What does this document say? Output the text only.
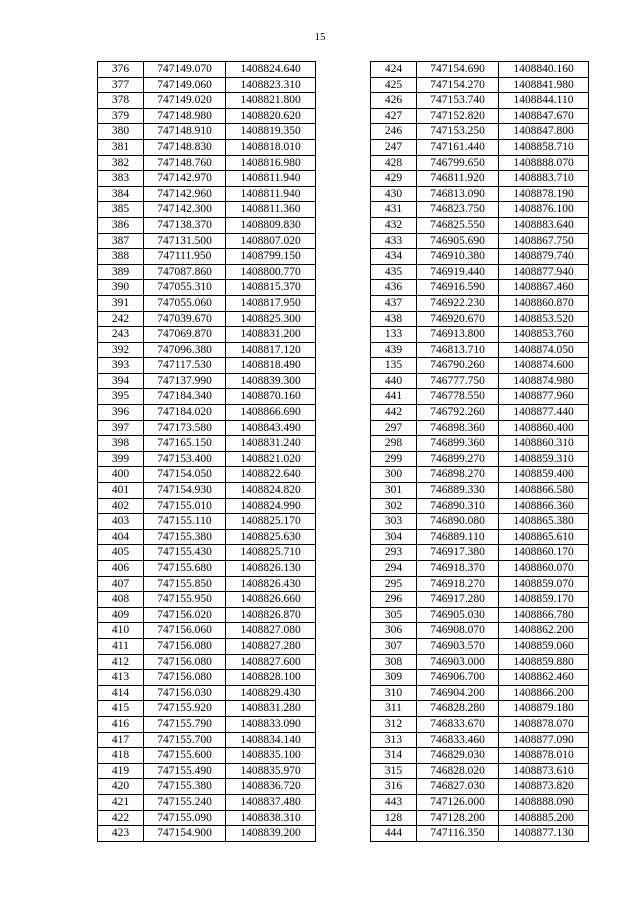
15
376	747149.070	1408824.640
377	747149.060	1408823.310
378	747149.020	1408821.800
379	747148.980	1408820.620
380	747148.910	1408819.350
381	747148.830	1408818.010
382	747148.760	1408816.980
383	747142.970	1408811.940
384	747142.960	1408811.940
385	747142.300	1408811.360
386	747138.370	1408809.830
387	747131.500	1408807.020
388	747111.950	1408799.150
389	747087.860	1408800.770
390	747055.310	1408815.370
391	747055.060	1408817.950
242	747039.670	1408825.300
243	747069.870	1408831.200
392	747096.380	1408817.120
393	747117.530	1408818.490
394	747137.990	1408839.300
395	747184.340	1408870.160
396	747184.020	1408866.690
397	747173.580	1408843.490
398	747165.150	1408831.240
399	747153.400	1408821.020
400	747154.050	1408822.640
401	747154.930	1408824.820
402	747155.010	1408824.990
403	747155.110	1408825.170
404	747155.380	1408825.630
405	747155.430	1408825.710
406	747155.680	1408826.130
407	747155.850	1408826.430
408	747155.950	1408826.660
409	747156.020	1408826.870
410	747156.060	1408827.080
411	747156.080	1408827.280
412	747156.080	1408827.600
413	747156.080	1408828.100
414	747156.030	1408829.430
415	747155.920	1408831.280
416	747155.790	1408833.090
417	747155.700	1408834.140
418	747155.600	1408835.100
419	747155.490	1408835.970
420	747155.380	1408836.720
421	747155.240	1408837.480
422	747155.090	1408838.310
423	747154.900	1408839.200
424	747154.690	1408840.160
425	747154.270	1408841.980
426	747153.740	1408844.110
427	747152.820	1408847.670
246	747153.250	1408847.800
247	747161.440	1408858.710
428	746799.650	1408888.070
429	746811.920	1408883.710
430	746813.090	1408878.190
431	746823.750	1408876.100
432	746825.550	1408883.640
433	746905.690	1408867.750
434	746910.380	1408879.740
435	746919.440	1408877.940
436	746916.590	1408867.460
437	746922.230	1408860.870
438	746920.670	1408853.520
133	746913.800	1408853.760
439	746813.710	1408874.050
135	746790.260	1408874.600
440	746777.750	1408874.980
441	746778.550	1408877.960
442	746792.260	1408877.440
297	746898.360	1408860.400
298	746899.360	1408860.310
299	746899.270	1408859.310
300	746898.270	1408859.400
301	746889.330	1408866.580
302	746890.310	1408866.360
303	746890.080	1408865.380
304	746889.110	1408865.610
293	746917.380	1408860.170
294	746918.370	1408860.070
295	746918.270	1408859.070
296	746917.280	1408859.170
305	746905.030	1408866.780
306	746908.070	1408862.200
307	746903.570	1408859.060
308	746903.000	1408859.880
309	746906.700	1408862.460
310	746904.200	1408866.200
311	746828.280	1408879.180
312	746833.670	1408878.070
313	746833.460	1408877.090
314	746829.030	1408878.010
315	746828.020	1408873.610
316	746827.030	1408873.820
443	747126.000	1408888.090
128	747128.200	1408885.200
444	747116.350	1408877.130
